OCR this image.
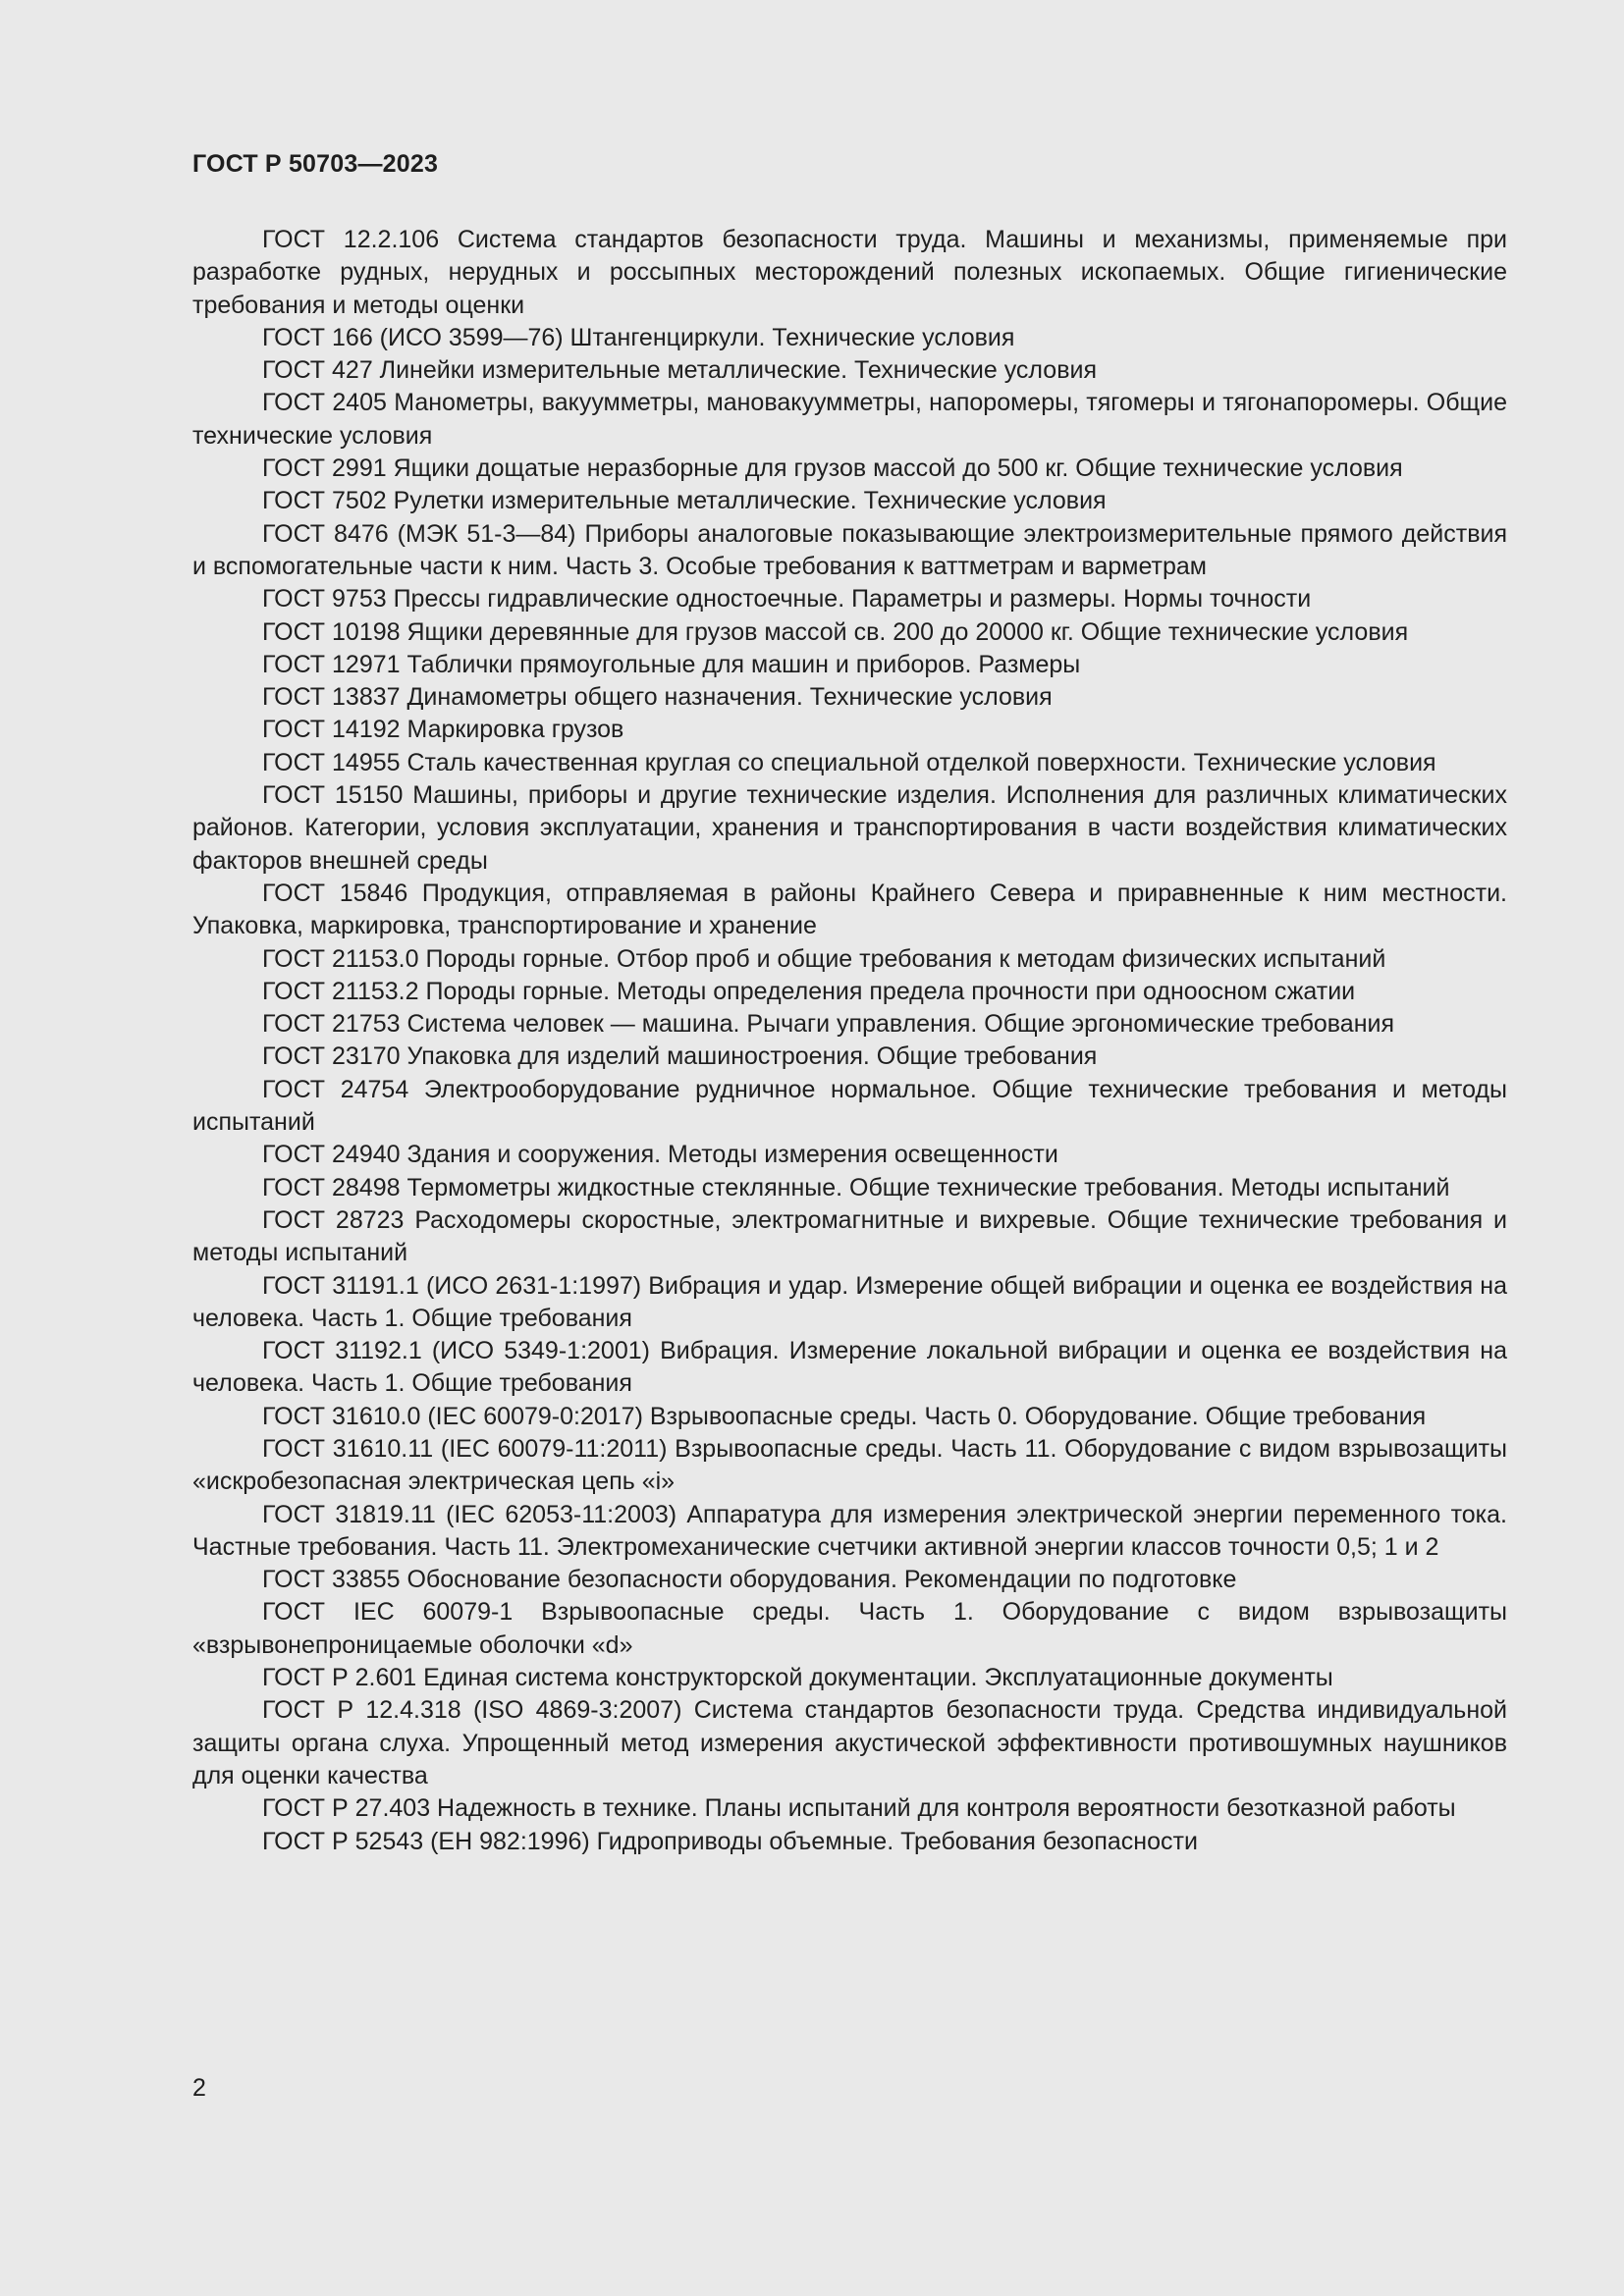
ГОСТ Р 50703—2023
ГОСТ 12.2.106 Система стандартов безопасности труда. Машины и механизмы, применяемые при разработке рудных, нерудных и россыпных месторождений полезных ископаемых. Общие гигиенические требования и методы оценки
ГОСТ 166 (ИСО 3599—76) Штангенциркули. Технические условия
ГОСТ 427 Линейки измерительные металлические. Технические условия
ГОСТ 2405 Манометры, вакуумметры, мановакуумметры, напоромеры, тягомеры и тягонапоромеры. Общие технические условия
ГОСТ 2991 Ящики дощатые неразборные для грузов массой до 500 кг. Общие технические условия
ГОСТ 7502 Рулетки измерительные металлические. Технические условия
ГОСТ 8476 (МЭК 51-3—84) Приборы аналоговые показывающие электроизмерительные прямого действия и вспомогательные части к ним. Часть 3. Особые требования к ваттметрам и варметрам
ГОСТ 9753 Прессы гидравлические одностоечные. Параметры и размеры. Нормы точности
ГОСТ 10198 Ящики деревянные для грузов массой св. 200 до 20000 кг. Общие технические условия
ГОСТ 12971 Таблички прямоугольные для машин и приборов. Размеры
ГОСТ 13837 Динамометры общего назначения. Технические условия
ГОСТ 14192 Маркировка грузов
ГОСТ 14955 Сталь качественная круглая со специальной отделкой поверхности. Технические условия
ГОСТ 15150 Машины, приборы и другие технические изделия. Исполнения для различных климатических районов. Категории, условия эксплуатации, хранения и транспортирования в части воздействия климатических факторов внешней среды
ГОСТ 15846 Продукция, отправляемая в районы Крайнего Севера и приравненные к ним местности. Упаковка, маркировка, транспортирование и хранение
ГОСТ 21153.0 Породы горные. Отбор проб и общие требования к методам физических испытаний
ГОСТ 21153.2 Породы горные. Методы определения предела прочности при одноосном сжатии
ГОСТ 21753 Система человек — машина. Рычаги управления. Общие эргономические требования
ГОСТ 23170 Упаковка для изделий машиностроения. Общие требования
ГОСТ 24754 Электрооборудование рудничное нормальное. Общие технические требования и методы испытаний
ГОСТ 24940 Здания и сооружения. Методы измерения освещенности
ГОСТ 28498 Термометры жидкостные стеклянные. Общие технические требования. Методы испытаний
ГОСТ 28723 Расходомеры скоростные, электромагнитные и вихревые. Общие технические требования и методы испытаний
ГОСТ 31191.1 (ИСО 2631-1:1997) Вибрация и удар. Измерение общей вибрации и оценка ее воздействия на человека. Часть 1. Общие требования
ГОСТ 31192.1 (ИСО 5349-1:2001) Вибрация. Измерение локальной вибрации и оценка ее воздействия на человека. Часть 1. Общие требования
ГОСТ 31610.0 (IEC 60079-0:2017) Взрывоопасные среды. Часть 0. Оборудование. Общие требования
ГОСТ 31610.11 (IEC 60079-11:2011) Взрывоопасные среды. Часть 11. Оборудование с видом взрывозащиты «искробезопасная электрическая цепь «i»
ГОСТ 31819.11 (IEC 62053-11:2003) Аппаратура для измерения электрической энергии переменного тока. Частные требования. Часть 11. Электромеханические счетчики активной энергии классов точности 0,5; 1 и 2
ГОСТ 33855 Обоснование безопасности оборудования. Рекомендации по подготовке
ГОСТ IEC 60079-1 Взрывоопасные среды. Часть 1. Оборудование с видом взрывозащиты «взрывонепроницаемые оболочки «d»
ГОСТ Р 2.601 Единая система конструкторской документации. Эксплуатационные документы
ГОСТ Р 12.4.318 (ISO 4869-3:2007) Система стандартов безопасности труда. Средства индивидуальной защиты органа слуха. Упрощенный метод измерения акустической эффективности противошумных наушников для оценки качества
ГОСТ Р 27.403 Надежность в технике. Планы испытаний для контроля вероятности безотказной работы
ГОСТ Р 52543 (ЕН 982:1996) Гидроприводы объемные. Требования безопасности
2
